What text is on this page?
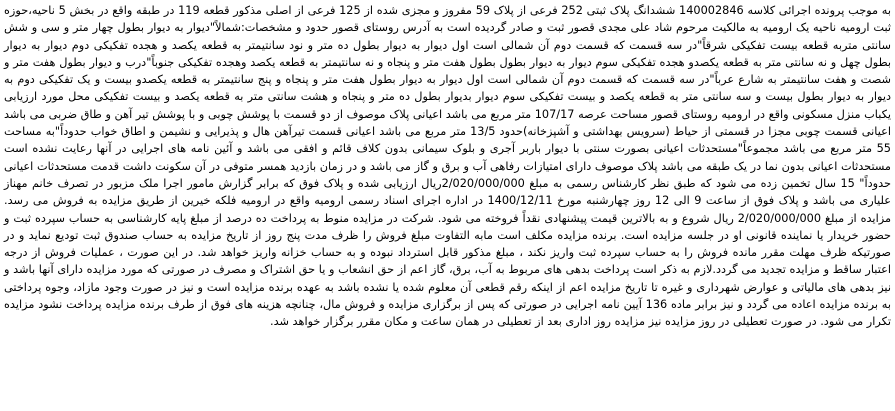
به موجب پرونده اجرائی کلاسه 140002846 ششدانگ پلاک ثبتی 252 فرعی از پلاک 59 مفروز و مجزی شده از 125 فرعی از اصلی مذکور قطعه 119 در طبقه واقع در بخش 5 ناحیه،حوزه ثبت ارومیه ناحیه یک ارومیه به مالکیت مرحوم شاد علی مجدی قصور ثبت و صادر گردیده است به آدرس روستای قصور حدود و مشخصات:شمالاً"دیوار به دیوار بطول چهار متر و سی و شش سانتی متربه قطعه بیست تفکیکی شرقاً"در سه قسمت که قسمت دوم آن شمالی است اول دیوار به دیوار بطول ده متر و نود سانتیمتر به قطعه یکصد و هجده تفکیکی دوم دیوار به دیوار بطول چهل و نه سانتی متر به قطعه یکصدو هجده تفکیکی سوم دیوار به دیوار بطول بطول هفت متر و پنجاه و نه سانتیمتر به قطعه یکصد وهجده تفکیکی جنوباً"درب و دیوار بطول هفت متر و شصت و هفت سانتیمتر به شارع عرباً"در سه قسمت که قسمت دوم آن شمالی است اول دیوار به دیوار بطول هفت متر و پنجاه و پنج سانتیمتر به قطعه یکصدو بیست و یک تفکیکی دوم به دیوار به دیوار بطول بیست و سه سانتی متر به قطعه یکصد و بیست تفکیکی سوم دیوار بدیوار بطول ده متر و پنجاه و هشت سانتی متر به قطعه یکصد و بیست تفکیکی محل مورد ارزیابی یکباب منزل مسکونی واقع در ارومیه روستای قصور مساحت عرصه 107/17 متر مربع می باشد اعیانی پلاک موصوف از دو قسمت با پوشش چوبی و با پوشش تیر آهن و طاق ضربی می باشد اعیانی قسمت چوبی مجزا در قسمتی از حیاط (سرویس بهداشتی و آشپزخانه)حدود 13/5 متر مربع می باشد اعیانی قسمت تیرآهن هال و پذیرایی و نشیمن و اطاق خواب حدوداً"به مساحت 55 متر مربع می باشد مجموعاً"مستحدثات اعیانی بصورت سنتی با دیوار باربر آجری و بلوک سیمانی بدون کلاف قائم و افقی می باشد و آئین نامه های اجرایی در آنها رعایت نشده است مستحدثات اعیانی بدون نما در یک طبقه می باشد پلاک موصوف دارای امتیازات رفاهی آب و برق و گاز می باشد و در زمان بازدید همسر متوفی در آن سکونت داشت قدمت مستحدثات اعیانی حدوداً" 15 سال تخمین زده می شود که طبق نظر کارشناس رسمی به مبلغ 2/020/000/000ریال ارزیابی شده و پلاک فوق که برابر گزارش مامور اجرا ملک مزبور در تصرف خانم مهناز علیاری می باشد و پلاک فوق از ساعت 9 الی 12 روز چهارشنبه مورخ 1400/12/11 در اداره اجرای اسناد رسمی ارومیه واقع در ارومیه فلکه خیرین از طریق مزایده به فروش می رسد. مزایده از مبلغ 2/020/000/000 ریال شروع و به بالاترین قیمت پیشنهادی نقداً فروخته می شود. شرکت در مزایده منوط به پرداخت ده درصد از مبلغ پایه کارشناسی به حساب سپرده ثبت و حضور خریدار یا نماینده قانونی او در جلسه مزایده است. برنده مزایده مکلف است مابه التفاوت مبلغ فروش را ظرف مدت پنج روز از تاریخ مزایده به حساب صندوق ثبت تودیع نماید و در صورتیکه ظرف مهلت مقرر مانده فروش را به حساب سپرده ثبت واریز نکند ، مبلغ مذکور قابل استرداد نبوده و به حساب خزانه واریز خواهد شد. در این صورت ، عملیات فروش از درجه اعتبار ساقط و مزایده تجدید می گردد.لازم به ذکر است پرداخت بدهی های مربوط به آب، برق، گاز اعم از حق انشعاب و یا حق اشتراک و مصرف در صورتی که مورد مزایده دارای آنها باشد و نیز بدهی های مالیاتی و عوارض شهرداری و غیره تا تاریخ مزایده اعم از اینکه رقم قطعی آن معلوم شده یا نشده باشد به عهده برنده مزایده است و نیز در صورت وجود مازاد، وجوه پرداختی به برنده مزایده اعاده می گردد و نیز برابر ماده 136 آیین نامه اجرایی در صورتی که پس از برگزاری مزایده و فروش مال، چنانچه هزینه های فوق از طرف برنده مزایده پرداخت نشود مزایده تکرار می شود. در صورت تعطیلی در روز مزایده نیز مزایده روز اداری بعد از تعطیلی در همان ساعت و مکان مقرر برگزار خواهد شد.
